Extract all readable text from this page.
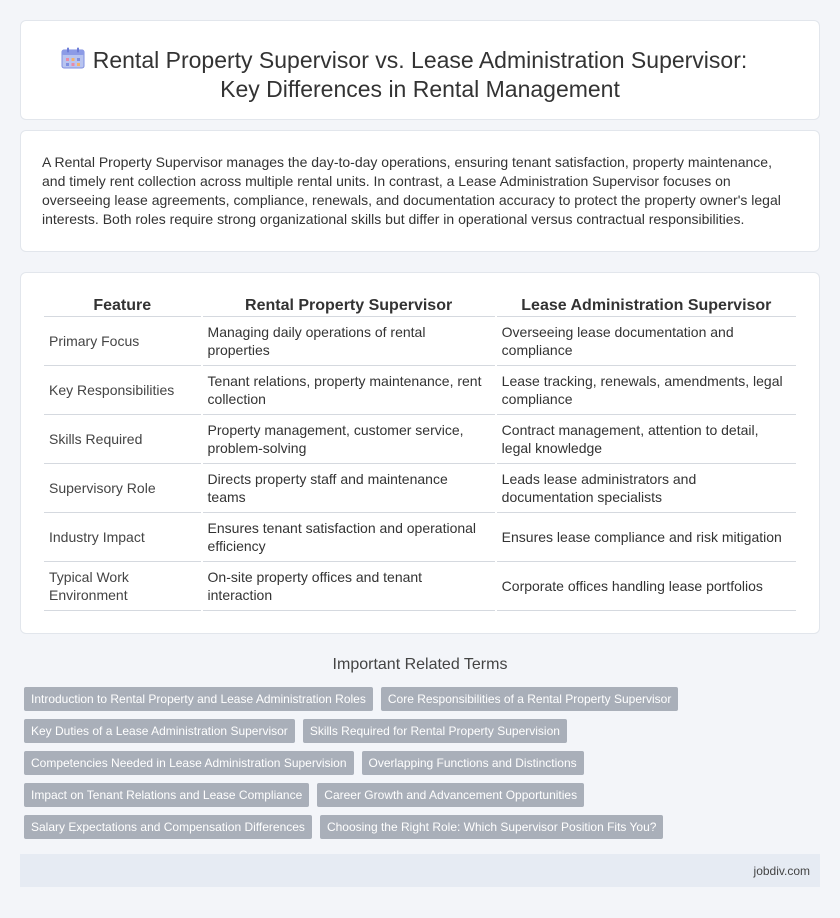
Rental Property Supervisor vs. Lease Administration Supervisor:
Key Differences in Rental Management

A Rental Property Supervisor manages the day-to-day operations, ensuring tenant satisfaction, property maintenance, and timely rent collection across multiple rental units. In contrast, a Lease Administration Supervisor focuses on overseeing lease agreements, compliance, renewals, and documentation accuracy to protect the property owner's legal interests. Both roles require strong organizational skills but differ in operational versus contractual responsibilities.

Feature	Rental Property Supervisor	Lease Administration Supervisor
Primary Focus	Managing daily operations of rental properties	Overseeing lease documentation and compliance
Key Responsibilities	Tenant relations, property maintenance, rent collection	Lease tracking, renewals, amendments, legal compliance
Skills Required	Property management, customer service, problem-solving	Contract management, attention to detail, legal knowledge
Supervisory Role	Directs property staff and maintenance teams	Leads lease administrators and documentation specialists
Industry Impact	Ensures tenant satisfaction and operational efficiency	Ensures lease compliance and risk mitigation
Typical Work Environment	On-site property offices and tenant interaction	Corporate offices handling lease portfolios
Important Related Terms
Introduction to Rental Property and Lease Administration Roles	Core Responsibilities of a Rental Property Supervisor
Key Duties of a Lease Administration Supervisor	Skills Required for Rental Property Supervision
Competencies Needed in Lease Administration Supervision	Overlapping Functions and Distinctions
Impact on Tenant Relations and Lease Compliance	Career Growth and Advancement Opportunities
Salary Expectations and Compensation Differences	Choosing the Right Role: Which Supervisor Position Fits You?
jobdiv.com
